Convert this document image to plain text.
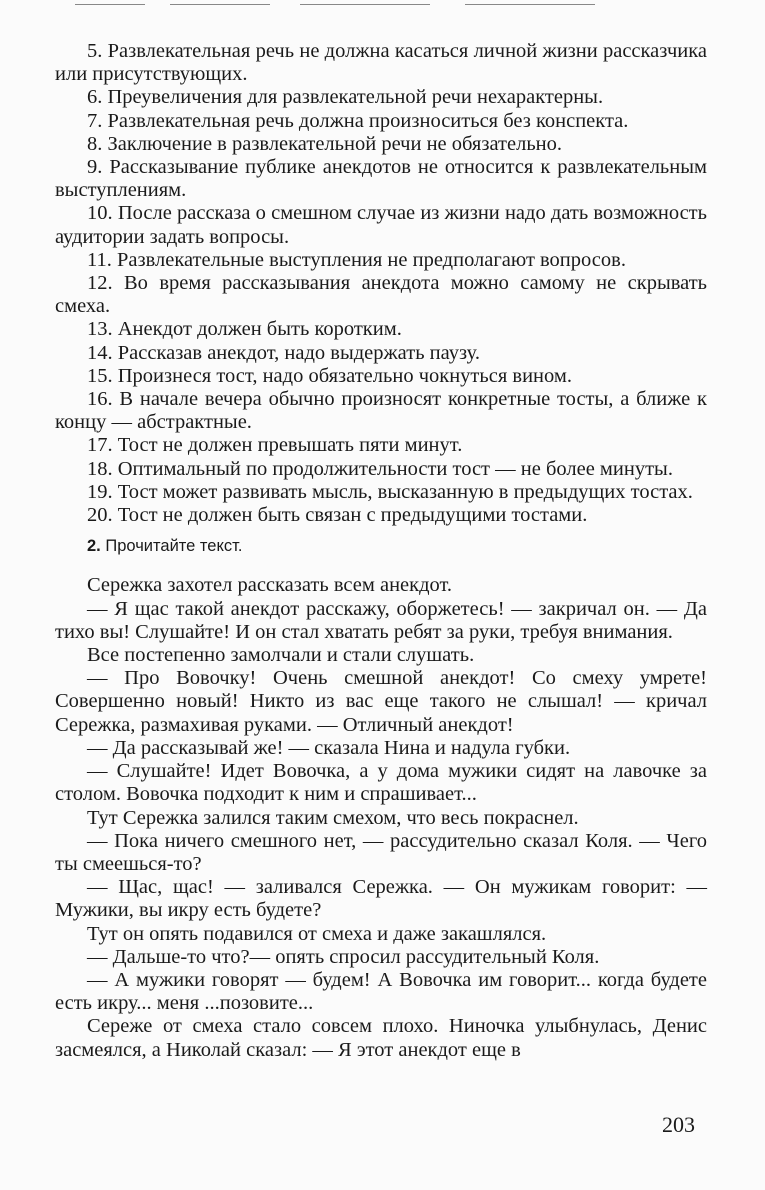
5. Развлекательная речь не должна касаться личной жизни рассказчика или присутствующих.

6. Преувеличения для развлекательной речи нехарактерны.

7. Развлекательная речь должна произноситься без конспекта.

8. Заключение в развлекательной речи не обязательно.

9. Рассказывание публике анекдотов не относится к развлекательным выступлениям.

10. После рассказа о смешном случае из жизни надо дать возможность аудитории задать вопросы.

11. Развлекательные выступления не предполагают вопросов.

12. Во время рассказывания анекдота можно самому не скрывать смеха.

13. Анекдот должен быть коротким.

14. Рассказав анекдот, надо выдержать паузу.

15. Произнеся тост, надо обязательно чокнуться вином.

16. В начале вечера обычно произносят конкретные тосты, а ближе к концу — абстрактные.

17. Тост не должен превышать пяти минут.

18. Оптимальный по продолжительности тост — не более минуты.

19. Тост может развивать мысль, высказанную в предыдущих тостах.

20. Тост не должен быть связан с предыдущими тостами.

2. Прочитайте текст.

Сережка захотел рассказать всем анекдот.

— Я щас такой анекдот расскажу, оборжетесь! — закричал он. — Да тихо вы! Слушайте! И он стал хватать ребят за руки, требуя внимания.

Все постепенно замолчали и стали слушать.

— Про Вовочку! Очень смешной анекдот! Со смеху умрете! Совершенно новый! Никто из вас еще такого не слышал! — кричал Сережка, размахивая руками. — Отличный анекдот!

— Да рассказывай же! — сказала Нина и надула губки.

— Слушайте! Идет Вовочка, а у дома мужики сидят на лавочке за столом. Вовочка подходит к ним и спрашивает...

Тут Сережка залился таким смехом, что весь покраснел.

— Пока ничего смешного нет, — рассудительно сказал Коля. — Чего ты смеешься-то?

— Щас, щас! — заливался Сережка. — Он мужикам говорит: — Мужики, вы икру есть будете?

Тут он опять подавился от смеха и даже закашлялся.

— Дальше-то что?— опять спросил рассудительный Коля.

— А мужики говорят — будем! А Вовочка им говорит... когда будете есть икру... меня ...позовите...

Сереже от смеха стало совсем плохо. Ниночка улыбнулась, Денис засмеялся, а Николай сказал: — Я этот анекдот еще в

203
